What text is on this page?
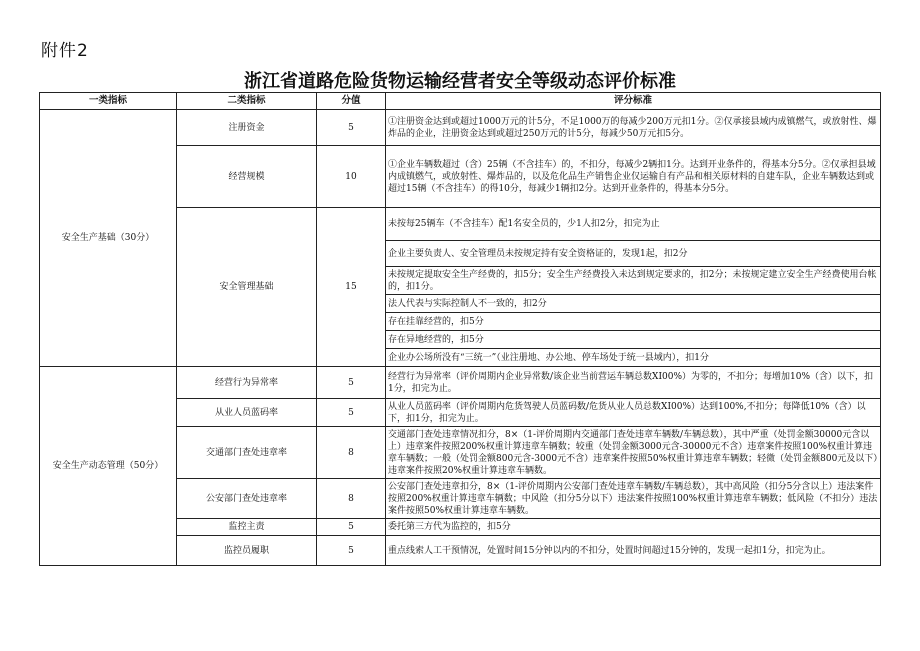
附件2
浙江省道路危险货物运输经营者安全等级动态评价标准
一类指标	二类指标	分值	评分标准
安全生产基础（30分）	注册资金	5	①注册资金达到或超过1000万元的计5分，不足1000万的每减少200万元扣1分。②仅承接县域内成镇燃气，或放射性、爆炸品的企业，注册资金达到或超过250万元的计5分，每减少50万元扣5分。
	经营规模	10	①企业车辆数超过（含）25辆（不含挂车）的，不扣分，每减少2辆扣1分。达到开业条件的，得基本分5分。②仅承担县域内成镇燃气，或放射性、爆炸品的，以及危化品生产销售企业仅运输自有产品和相关原材料的自建车队，企业车辆数达到或超过15辆（不含挂车）的得10分，每减少1辆扣2分。达到开业条件的，得基本分5分。
	安全管理基础	15	未按每25辆车（不含挂车）配1名安全员的，少1人扣2分，扣完为止
			企业主要负责人、安全管理员未按规定持有安全资格证的，发现1起，扣2分
			未按规定提取安全生产经费的，扣5分；安全生产经费投入未达到规定要求的，扣2分；未按规定建立安全生产经费使用台帐的，扣1分。
			法人代表与实际控制人不一致的，扣2分
			存在挂靠经营的，扣5分
			存在异地经营的，扣5分
			企业办公场所没有“三统一”（业注册地、办公地、停车场处于统一县域内），扣1分
安全生产动态管理（50分）	经营行为异常率	5	经营行为异常率（评价周期内企业异常数/该企业当前营运车辆总数XI00%）为零的，不扣分；每增加10%（含）以下，扣1分，扣完为止。
	从业人员蓝码率	5	从业人员蓝码率（评价周期内危货驾驶人员蓝码数/危货从业人员总数XI00%）达到100%,不扣分；每降低10%（含）以下，扣1分，扣完为止。
	交通部门查处违章率	8	交通部门查处违章情况扣分，8×（1-评价周期内交通部门查处违章车辆数/车辆总数），其中严重（处罚金额30000元含以上）违章案件按照200%权重计算违章车辆数；较重（处罚金额3000元含-30000元不含）违章案件按照100%权重计算违章车辆数；一般（处罚金额800元含-3000元不含）违章案件按照50%权重计算违章车辆数；轻微（处罚金额800元及以下）违章案件按照20%权重计算违章车辆数。
	公安部门查处违章率	8	公安部门查处违章扣分，8×（1-评价周期内公安部门查处违章车辆数/车辆总数），其中高风险（扣分5分含以上）违法案件按照200%权重计算违章车辆数；中风险（扣分5分以下）违法案件按照100%权重计算违章车辆数；低风险（不扣分）违法案件按照50%权重计算违章车辆数。
	监控主责	5	委托第三方代为监控的，扣5分
	监控员履职	5	重点线索人工干预情况，处置时间15分钟以内的不扣分，处置时间超过15分钟的，发现一起扣1分，扣完为止。
